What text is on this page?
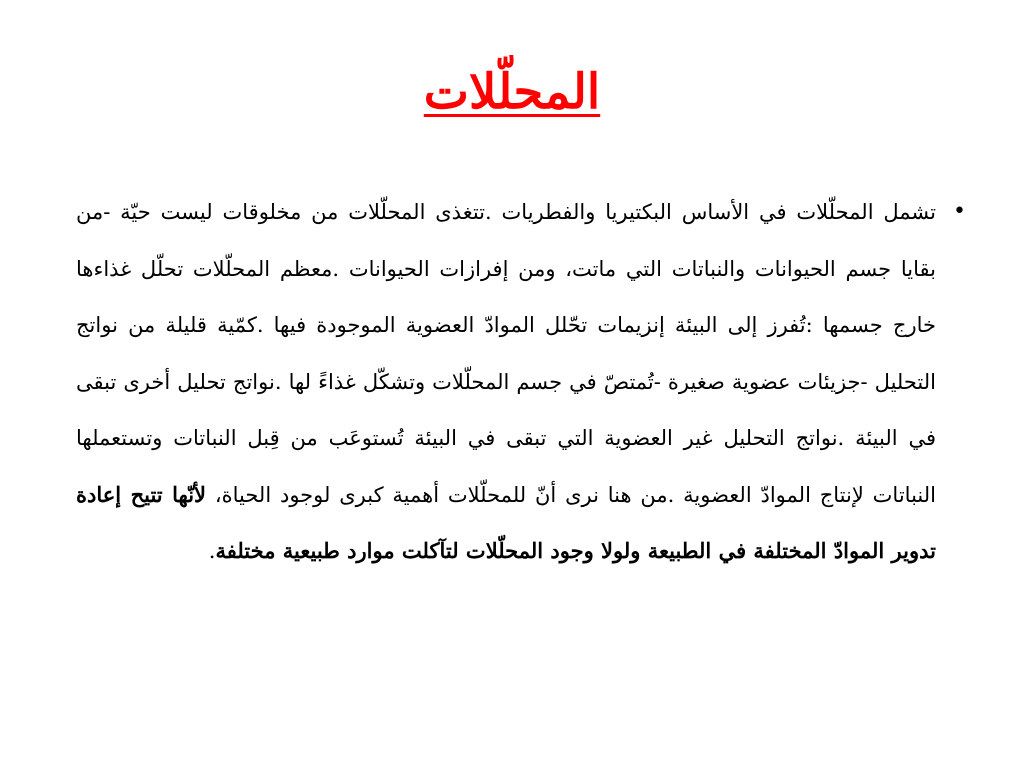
المحلّلات
•

تشمل المحلّلات في الأساس البكتيريا والفطريات .تتغذى المحلّلات من مخلوقات ليست حيّة -من بقايا جسم الحيوانات والنباتات التي ماتت، ومن إفرازات الحيوانات .معظم المحلّلات تحلّل غذاءها خارج جسمها :تُفرز إلى البيئة إنزيمات تحّلل الموادّ العضوية الموجودة فيها .كمّية قليلة من نواتج التحليل -جزيئات عضوية صغيرة -تُمتصّ في جسم المحلّلات وتشكّل غذاءً لها .نواتج تحليل أخرى تبقى في البيئة .نواتج التحليل غير العضوية التي تبقى في البيئة تُستوعَب من قِبل النباتات وتستعملها النباتات لإنتاج الموادّ العضوية .من هنا نرى أنّ للمحلّلات أهمية كبرى لوجود الحياة، لأنّها تتيح إعادة تدوير الموادّ المختلفة في الطبيعة ولولا وجود المحلّلات لتآكلت موارد طبيعية مختلفة.
